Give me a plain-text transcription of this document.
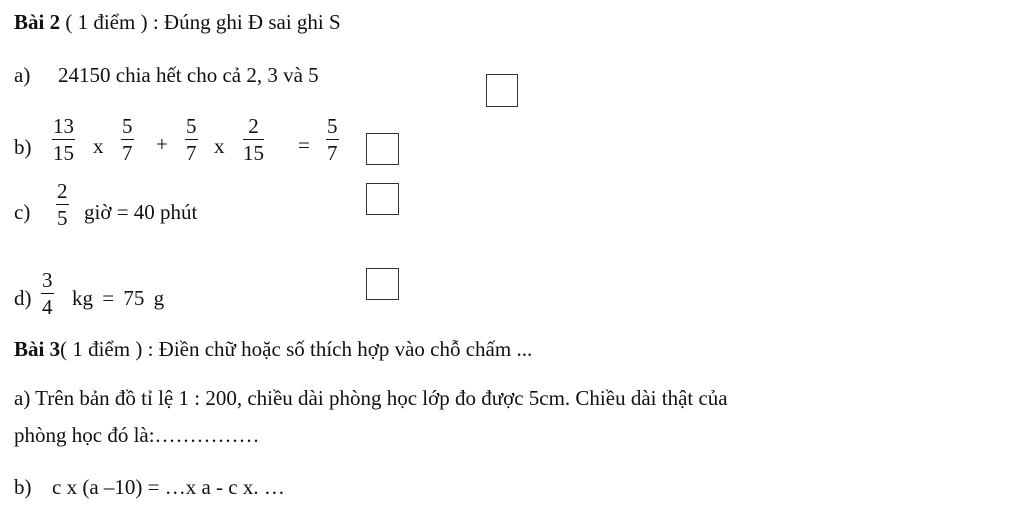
Bài 2 ( 1 điểm ) : Đúng ghi Đ sai ghi S
a) 24150 chia hết cho cả 2, 3 và 5
$b) \frac{13}{15}$ x $\frac{5}{7} + \frac{5}{7}$ x $\frac{2}{15} = \frac{5}{7}$
$c) \frac{2}{5}$ giờ = 40 phút
$d) \frac{3}{4}$ kg = 75 g
Bài 3( 1 điểm ) : Điền chữ hoặc số thích hợp vào chỗ chấm ...
a) Trên bản đồ tỉ lệ 1 : 200, chiều dài phòng học lớp đo được 5cm. Chiều dài thật của
phòng học đó là:……………
b) c x (a –10) = …x a - c x. …
